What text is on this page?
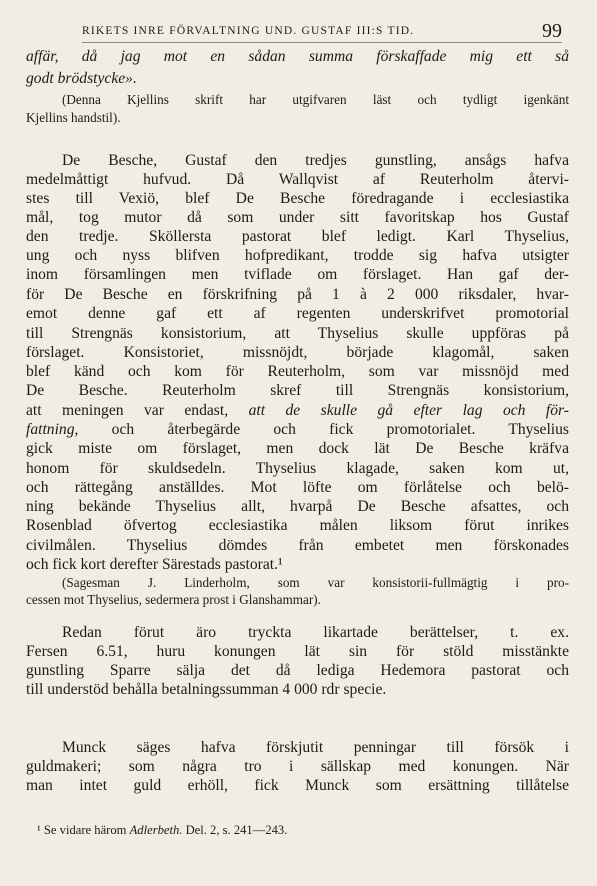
RIKETS INRE FÖRVALTNING UND. GUSTAF III:S TID.	99
affär, då jag mot en sådan summa förskaffade mig ett så
godt brödstycke».
(Denna Kjellins skrift har utgifvaren läst och tydligt igenkänt
Kjellins handstil).
De Besche, Gustaf den tredjes gunstling, ansågs hafva
medelmåttigt hufvud. Då Wallqvist af Reuterholm återvi-
stes till Vexiö, blef De Besche föredragande i ecclesiastika
mål, tog mutor då som under sitt favoritskap hos Gustaf
den tredje. Sköllersta pastorat blef ledigt. Karl Thyselius,
ung och nyss blifven hofpredikant, trodde sig hafva utsigter
inom församlingen men tviflade om förslaget. Han gaf der-
för De Besche en förskrifning på 1 à 2 000 riksdaler, hvar-
emot denne gaf ett af regenten underskrifvet promotorial
till Strengnäs konsistorium, att Thyselius skulle uppföras på
förslaget. Konsistoriet, missnöjdt, började klagomål, saken
blef känd och kom för Reuterholm, som var missnöjd med
De Besche. Reuterholm skref till Strengnäs konsistorium,
att meningen var endast, att de skulle gå efter lag och för-
fattning, och återbegärde och fick promotorialet. Thyselius
gick miste om förslaget, men dock lät De Besche kräfva
honom för skuldsedeln. Thyselius klagade, saken kom ut,
och rättegång anställdes. Mot löfte om förlåtelse och belö-
ning bekände Thyselius allt, hvarpå De Besche afsattes, och
Rosenblad öfvertog ecclesiastika målen liksom förut inrikes
civilmålen. Thyselius dömdes från embetet men förskonades
och fick kort derefter Särestads pastorat.¹
(Sagesman J. Linderholm, som var konsistorii-fullmägtig i pro-
cessen mot Thyselius, sedermera prost i Glanshammar).
Redan förut äro tryckta likartade berättelser, t. ex.
Fersen 6.51, huru konungen lät sin för stöld misstänkte
gunstling Sparre sälja det då lediga Hedemora pastorat och
till understöd behålla betalningssumman 4 000 rdr specie.
Munck säges hafva förskjutit penningar till försök i
guldmakeri; som några tro i sällskap med konungen. När
man intet guld erhöll, fick Munck som ersättning tillåtelse
¹ Se vidare härom Adlerbeth. Del. 2, s. 241—243.
